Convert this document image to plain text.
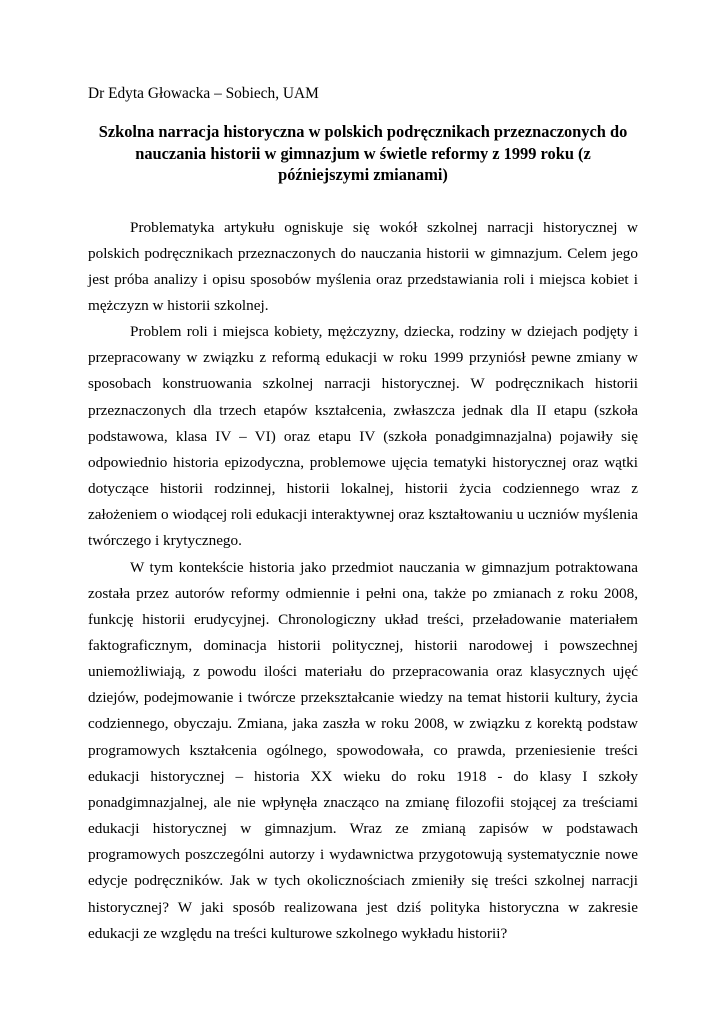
Dr Edyta Głowacka – Sobiech, UAM

Szkolna narracja historyczna w polskich podręcznikach przeznaczonych do nauczania historii w gimnazjum w świetle reformy z 1999 roku (z późniejszymi zmianami)

Problematyka artykułu ogniskuje się wokół szkolnej narracji historycznej w polskich podręcznikach przeznaczonych do nauczania historii w gimnazjum. Celem jego jest próba analizy i opisu sposobów myślenia oraz przedstawiania roli i miejsca kobiet i mężczyzn w historii szkolnej.

Problem roli i miejsca kobiety, mężczyzny, dziecka, rodziny w dziejach podjęty i przepracowany w związku z reformą edukacji w roku 1999 przyniósł pewne zmiany w sposobach konstruowania szkolnej narracji historycznej. W podręcznikach historii przeznaczonych dla trzech etapów kształcenia, zwłaszcza jednak dla II etapu (szkoła podstawowa, klasa IV – VI) oraz etapu IV (szkoła ponadgimnazjalna) pojawiły się odpowiednio historia epizodyczna, problemowe ujęcia tematyki historycznej oraz wątki dotyczące historii rodzinnej, historii lokalnej, historii życia codziennego wraz z założeniem o wiodącej roli edukacji interaktywnej oraz kształtowaniu u uczniów myślenia twórczego i krytycznego.

W tym kontekście historia jako przedmiot nauczania w gimnazjum potraktowana została przez autorów reformy odmiennie i pełni ona, także po zmianach z roku 2008, funkcję historii erudycyjnej. Chronologiczny układ treści, przeładowanie materiałem faktograficznym, dominacja historii politycznej, historii narodowej i powszechnej uniemożliwiają, z powodu ilości materiału do przepracowania oraz klasycznych ujęć dziejów, podejmowanie i twórcze przekształcanie wiedzy na temat historii kultury, życia codziennego, obyczaju. Zmiana, jaka zaszła w roku 2008, w związku z korektą podstaw programowych kształcenia ogólnego, spowodowała, co prawda, przeniesienie treści edukacji historycznej – historia XX wieku do roku 1918 - do klasy I szkoły ponadgimnazjalnej, ale nie wpłynęła znacząco na zmianę filozofii stojącej za treściami edukacji historycznej w gimnazjum. Wraz ze zmianą zapisów w podstawach programowych poszczególni autorzy i wydawnictwa przygotowują systematycznie nowe edycje podręczników. Jak w tych okolicznościach zmieniły się treści szkolnej narracji historycznej? W jaki sposób realizowana jest dziś polityka historyczna w zakresie edukacji ze względu na treści kulturowe szkolnego wykładu historii?
